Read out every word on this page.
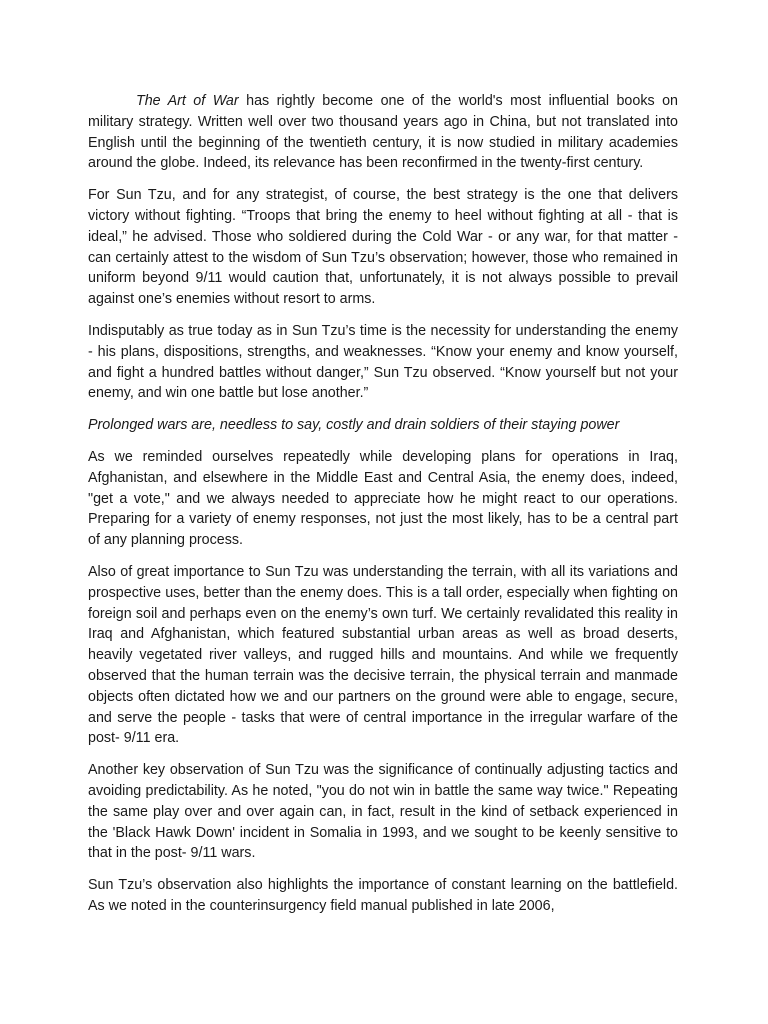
The Art of War has rightly become one of the world's most influential books on military strategy. Written well over two thousand years ago in China, but not translated into English until the beginning of the twentieth century, it is now studied in military academies around the globe. Indeed, its relevance has been reconfirmed in the twenty-first century.

For Sun Tzu, and for any strategist, of course, the best strategy is the one that delivers victory without fighting. “Troops that bring the enemy to heel without fighting at all - that is ideal,” he advised. Those who soldiered during the Cold War - or any war, for that matter - can certainly attest to the wisdom of Sun Tzu’s observation; however, those who remained in uniform beyond 9/11 would caution that, unfortunately, it is not always possible to prevail against one’s enemies without resort to arms.

Indisputably as true today as in Sun Tzu’s time is the necessity for understanding the enemy - his plans, dispositions, strengths, and weaknesses. “Know your enemy and know yourself, and fight a hundred battles without danger,” Sun Tzu observed. “Know yourself but not your enemy, and win one battle but lose another.”

Prolonged wars are, needless to say, costly and drain soldiers of their staying power

As we reminded ourselves repeatedly while developing plans for operations in Iraq, Afghanistan, and elsewhere in the Middle East and Central Asia, the enemy does, indeed, "get a vote," and we always needed to appreciate how he might react to our operations. Preparing for a variety of enemy responses, not just the most likely, has to be a central part of any planning process.

Also of great importance to Sun Tzu was understanding the terrain, with all its variations and prospective uses, better than the enemy does. This is a tall order, especially when fighting on foreign soil and perhaps even on the enemy’s own turf. We certainly revalidated this reality in Iraq and Afghanistan, which featured substantial urban areas as well as broad deserts, heavily vegetated river valleys, and rugged hills and mountains. And while we frequently observed that the human terrain was the decisive terrain, the physical terrain and manmade objects often dictated how we and our partners on the ground were able to engage, secure, and serve the people - tasks that were of central importance in the irregular warfare of the post- 9/11 era.

Another key observation of Sun Tzu was the significance of continually adjusting tactics and avoiding predictability. As he noted, "you do not win in battle the same way twice." Repeating the same play over and over again can, in fact, result in the kind of setback experienced in the 'Black Hawk Down' incident in Somalia in 1993, and we sought to be keenly sensitive to that in the post- 9/11 wars.

Sun Tzu’s observation also highlights the importance of constant learning on the battlefield. As we noted in the counterinsurgency field manual published in late 2006,
